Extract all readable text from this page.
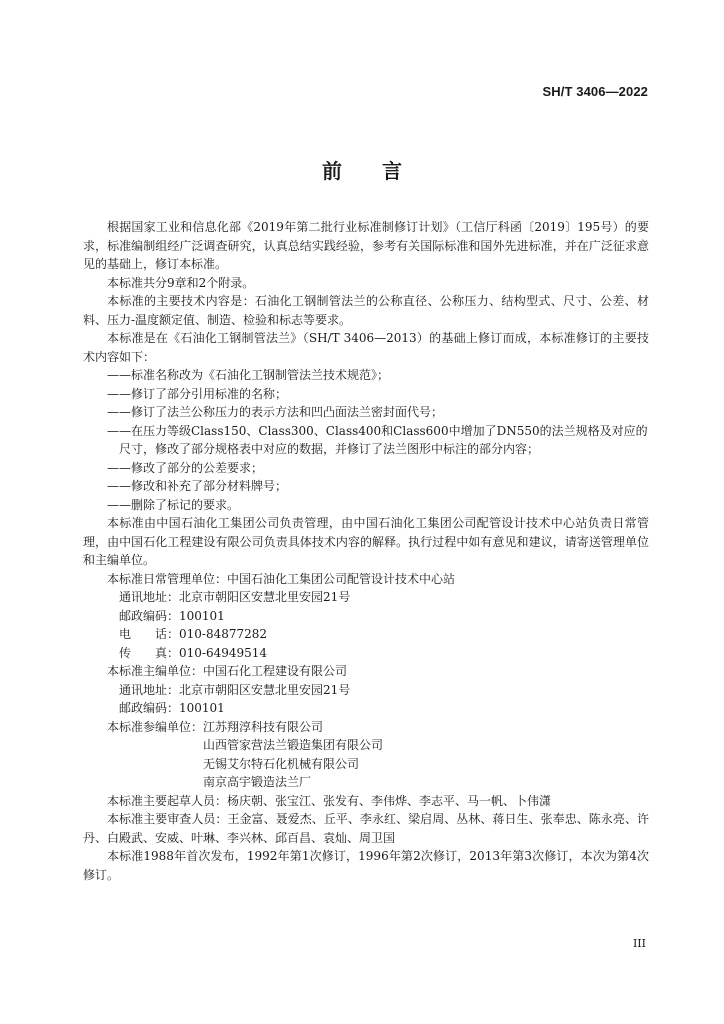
SH/T 3406—2022
前 言

根据国家工业和信息化部《2019年第二批行业标准制修订计划》（工信厅科函〔2019〕195号）的要求，标准编制组经广泛调查研究，认真总结实践经验，参考有关国际标准和国外先进标准，并在广泛征求意见的基础上，修订本标准。

本标准共分9章和2个附录。

本标准的主要技术内容是：石油化工钢制管法兰的公称直径、公称压力、结构型式、尺寸、公差、材料、压力-温度额定值、制造、检验和标志等要求。

本标准是在《石油化工钢制管法兰》（SH/T 3406—2013）的基础上修订而成，本标准修订的主要技术内容如下：

——标准名称改为《石油化工钢制管法兰技术规范》；

——修订了部分引用标准的名称；

——修订了法兰公称压力的表示方法和凹凸面法兰密封面代号；

——在压力等级Class150、Class300、Class400和Class600中增加了DN550的法兰规格及对应的

尺寸，修改了部分规格表中对应的数据，并修订了法兰图形中标注的部分内容；

——修改了部分的公差要求；

——修改和补充了部分材料牌号；

——删除了标记的要求。

本标准由中国石油化工集团公司负责管理，由中国石油化工集团公司配管设计技术中心站负责日常管理，由中国石化工程建设有限公司负责具体技术内容的解释。执行过程中如有意见和建议，请寄送管理单位和主编单位。

本标准日常管理单位：中国石油化工集团公司配管设计技术中心站

通讯地址：北京市朝阳区安慧北里安园21号

邮政编码：100101

电　　话：010-84877282

传　　真：010-64949514

本标准主编单位：中国石化工程建设有限公司

通讯地址：北京市朝阳区安慧北里安园21号

邮政编码：100101

本标准参编单位：江苏翔淳科技有限公司

山西管家营法兰锻造集团有限公司

无锡艾尔特石化机械有限公司

南京高宇锻造法兰厂

本标准主要起草人员：杨庆朝、张宝江、张发有、李伟烨、李志平、马一帆、卜伟潇

本标准主要审查人员：王金富、聂爱杰、丘平、李永红、梁启周、丛林、蒋日生、张奉忠、陈永亮、许丹、白殿武、安威、叶琳、李兴林、邱百昌、袁灿、周卫国

本标准1988年首次发布，1992年第1次修订，1996年第2次修订，2013年第3次修订，本次为第4次修订。

III
